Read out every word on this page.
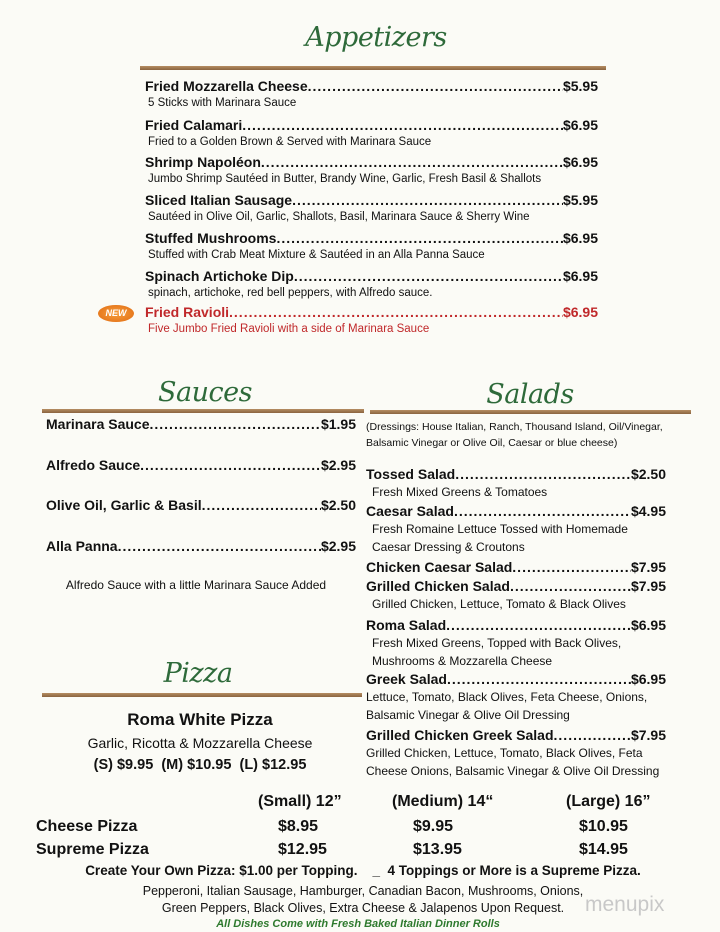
Appetizers
Fried Mozzarella Cheese .....	$5.95
5 Sticks with Marinara Sauce
Fried Calamari .....	$6.95
Fried to a Golden Brown & Served with Marinara Sauce
Shrimp Napoléon .....	$6.95
Jumbo Shrimp Sautéed in Butter, Brandy Wine, Garlic, Fresh Basil & Shallots
Sliced Italian Sausage .....	$5.95
Sautéed in Olive Oil, Garlic, Shallots, Basil, Marinara Sauce & Sherry Wine
Stuffed Mushrooms .....	$6.95
Stuffed with Crab Meat Mixture & Sautéed in an Alla Panna Sauce
Spinach Artichoke Dip .....	$6.95
spinach, artichoke, red bell peppers, with Alfredo sauce.
Fried Ravioli .....	$6.95
Five Jumbo Fried Ravioli with a side of Marinara Sauce
NEW
Sauces
Marinara Sauce .....	$1.95
Alfredo Sauce .....	$2.95
Olive Oil, Garlic & Basil .....	$2.50
Alla Panna .....	$2.95
Alfredo Sauce with a little Marinara Sauce Added
Salads
(Dressings: House Italian, Ranch, Thousand Island, Oil/Vinegar,
Balsamic Vinegar or Olive Oil, Caesar or blue cheese)
Tossed Salad .....	$2.50
Fresh Mixed Greens & Tomatoes
Caesar Salad .....	$4.95
Fresh Romaine Lettuce Tossed with Homemade
Caesar Dressing & Croutons
Chicken Caesar Salad .....	$7.95
Grilled Chicken Salad .....	$7.95
Grilled Chicken, Lettuce, Tomato & Black Olives
Roma Salad .....	$6.95
Fresh Mixed Greens, Topped with Back Olives,
Mushrooms & Mozzarella Cheese
Greek Salad .....	$6.95
Lettuce, Tomato, Black Olives, Feta Cheese, Onions,
Balsamic Vinegar & Olive Oil Dressing
Grilled Chicken Greek Salad .....	$7.95
Grilled Chicken, Lettuce, Tomato, Black Olives, Feta
Cheese Onions, Balsamic Vinegar & Olive Oil Dressing
Pizza
Roma White Pizza
Garlic, Ricotta & Mozzarella Cheese
(S) $9.95  (M) $10.95  (L) $12.95
(Small) 12”	(Medium) 14“	(Large) 16”
Cheese Pizza	$8.95	$9.95	$10.95
Supreme Pizza	$12.95	$13.95	$14.95
Create Your Own Pizza: $1.00 per Topping.    _  4 Toppings or More is a Supreme Pizza.
Pepperoni, Italian Sausage, Hamburger, Canadian Bacon, Mushrooms, Onions,
Green Peppers, Black Olives, Extra Cheese & Jalapenos Upon Request.
All Dishes Come with Fresh Baked Italian Dinner Rolls
menupix
